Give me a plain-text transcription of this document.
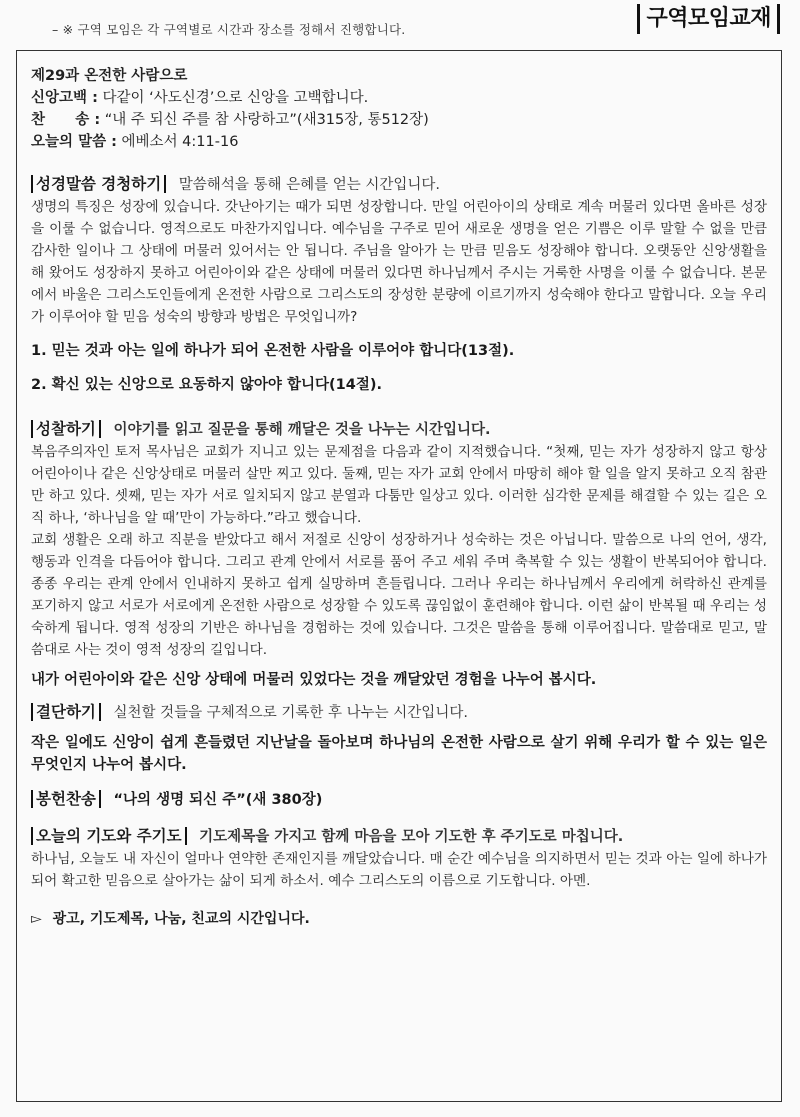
– ※ 구역 모임은 각 구역별로 시간과 장소를 정해서 진행합니다.	구역모임교재
제29과 온전한 사람으로
신앙고백 : 다같이 ‘사도신경’으로 신앙을 고백합니다.
찬      송 : “내 주 되신 주를 참 사랑하고”(새315장, 통512장)
오늘의 말씀 : 에베소서 4:11-16
성경말씀 경청하기 말씀해석을 통해 은혜를 얻는 시간입니다.

생명의 특징은 성장에 있습니다. 갓난아기는 때가 되면 성장합니다. 만일 어린아이의 상태로 계속 머물러 있다면 올바른 성장을 이룰 수 없습니다. 영적으로도 마찬가지입니다. 예수님을 구주로 믿어 새로운 생명을 얻은 기쁨은 이루 말할 수 없을 만큼 감사한 일이나 그 상태에 머물러 있어서는 안 됩니다. 주님을 알아가 는 만큼 믿음도 성장해야 합니다. 오랫동안 신앙생활을 해 왔어도 성장하지 못하고 어린아이와 같은 상태에 머물러 있다면 하나님께서 주시는 거룩한 사명을 이룰 수 없습니다. 본문에서 바울은 그리스도인들에게 온전한 사람으로 그리스도의 장성한 분량에 이르기까지 성숙해야 한다고 말합니다. 오늘 우리가 이루어야 할 믿음 성숙의 방향과 방법은 무엇입니까?

1. 믿는 것과 아는 일에 하나가 되어 온전한 사람을 이루어야 합니다(13절).
2. 확신 있는 신앙으로 요동하지 않아야 합니다(14절).
성찰하기 이야기를 읽고 질문을 통해 깨달은 것을 나누는 시간입니다.

복음주의자인 토저 목사님은 교회가 지니고 있는 문제점을 다음과 같이 지적했습니다. “첫째, 믿는 자가 성장하지 않고 항상 어린아이나 같은 신앙상태로 머물러 살만 찌고 있다. 둘째, 믿는 자가 교회 안에서 마땅히 해야 할 일을 알지 못하고 오직 참관만 하고 있다. 셋째, 믿는 자가 서로 일치되지 않고 분열과 다툼만 일상고 있다. 이러한 심각한 문제를 해결할 수 있는 길은 오직 하나, ‘하나님을 알 때’만이 가능하다.”라고 했습니다.

교회 생활은 오래 하고 직분을 받았다고 해서 저절로 신앙이 성장하거나 성숙하는 것은 아닙니다. 말씀으로 나의 언어, 생각, 행동과 인격을 다듬어야 합니다. 그리고 관계 안에서 서로를 품어 주고 세워 주며 축복할 수 있는 생활이 반복되어야 합니다. 종종 우리는 관계 안에서 인내하지 못하고 쉽게 실망하며 흔들립니다. 그러나 우리는 하나님께서 우리에게 허락하신 관계를 포기하지 않고 서로가 서로에게 온전한 사람으로 성장할 수 있도록 끊임없이 훈련해야 합니다. 이런 삶이 반복될 때 우리는 성숙하게 됩니다. 영적 성장의 기반은 하나님을 경험하는 것에 있습니다. 그것은 말씀을 통해 이루어집니다. 말씀대로 믿고, 말씀대로 사는 것이 영적 성장의 길입니다.

내가 어린아이와 같은 신앙 상태에 머물러 있었다는 것을 깨달았던 경험을 나누어 봅시다.
결단하기 실천할 것들을 구체적으로 기록한 후 나누는 시간입니다.
작은 일에도 신앙이 쉽게 흔들렸던 지난날을 돌아보며 하나님의 온전한 사람으로 살기 위해 우리가 할 수 있는 일은 무엇인지 나누어 봅시다.
봉헌찬송 “나의 생명 되신 주”(새 380장)
오늘의 기도와 주기도 기도제목을 가지고 함께 마음을 모아 기도한 후 주기도로 마칩니다.

하나님, 오늘도 내 자신이 얼마나 연약한 존재인지를 깨달았습니다. 매 순간 예수님을 의지하면서 믿는 것과 아는 일에 하나가 되어 확고한 믿음으로 살아가는 삶이 되게 하소서. 예수 그리스도의 이름으로 기도합니다. 아멘.

▻ 광고, 기도제목, 나눔, 친교의 시간입니다.
